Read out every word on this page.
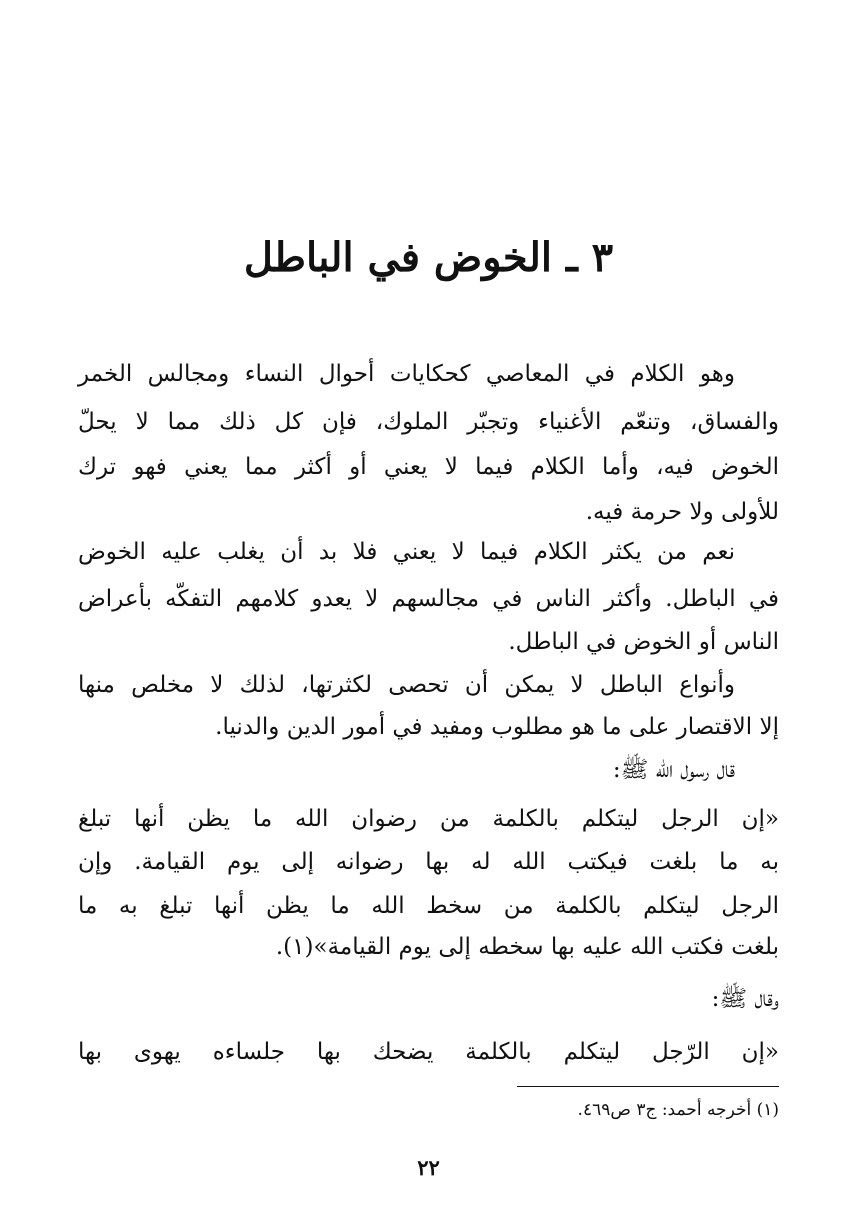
٣ ـ الخوض في الباطل
وهو الكلام في المعاصي كحكايات أحوال النساء ومجالس الخمر
والفساق، وتنعّم الأغنياء وتجبّر الملوك، فإن كل ذلك مما لا يحلّ
الخوض فيه، وأما الكلام فيما لا يعني أو أكثر مما يعني فهو ترك
للأولى ولا حرمة فيه.
نعم من يكثر الكلام فيما لا يعني فلا بد أن يغلب عليه الخوض
في الباطل. وأكثر الناس في مجالسهم لا يعدو كلامهم التفكّه بأعراض
الناس أو الخوض في الباطل.
وأنواع الباطل لا يمكن أن تحصى لكثرتها، لذلك لا مخلص منها
إلا الاقتصار على ما هو مطلوب ومفيد في أمور الدين والدنيا.
قال رسول الله ﷺ:
«إن الرجل ليتكلم بالكلمة من رضوان الله ما يظن أنها تبلغ
به ما بلغت فيكتب الله له بها رضوانه إلى يوم القيامة. وإن
الرجل ليتكلم بالكلمة من سخط الله ما يظن أنها تبلغ به ما
بلغت فكتب الله عليه بها سخطه إلى يوم القيامة»(١).
وقال ﷺ:
«إن الرّجل ليتكلم بالكلمة يضحك بها جلساءه يهوى بها
(١) أخرجه أحمد: ج٣ ص٤٦٩.
٢٢
